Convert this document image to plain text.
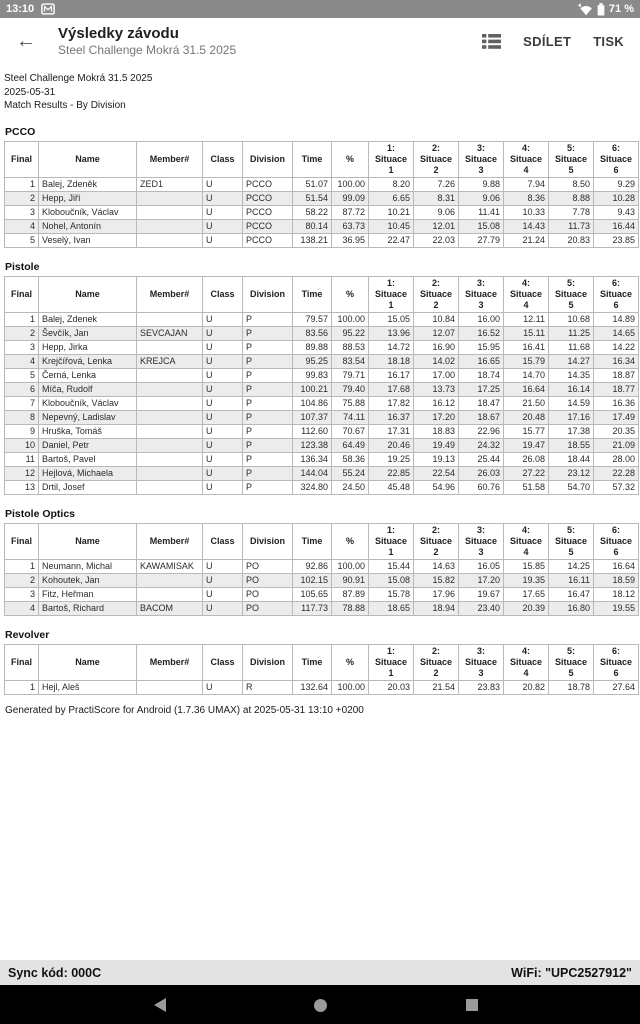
13:10	71 %
←	Výsledky závodu
Steel Challenge Mokrá 31.5 2025
SDÍLET TISK
Steel Challenge Mokrá 31.5 2025
2025-05-31
Match Results - By Division
PCCO
Final	Name	Member#	Class	Division	Time	%	1: Situace 1	2: Situace 2	3: Situace 3	4: Situace 4	5: Situace 5	6: Situace 6
1	Balej, Zdeněk	ZED1	U	PCCO	51.07	100.00	8.20	7.26	9.88	7.94	8.50	9.29
2	Hepp, Jiří		U	PCCO	51.54	99.09	6.65	8.31	9.06	8.36	8.88	10.28
3	Kloboučník, Václav		U	PCCO	58.22	87.72	10.21	9.06	11.41	10.33	7.78	9.43
4	Nohel, Antonín		U	PCCO	80.14	63.73	10.45	12.01	15.08	14.43	11.73	16.44
5	Veselý, Ivan		U	PCCO	138.21	36.95	22.47	22.03	27.79	21.24	20.83	23.85
Pistole
Final	Name	Member#	Class	Division	Time	%	1: Situace 1	2: Situace 2	3: Situace 3	4: Situace 4	5: Situace 5	6: Situace 6
1	Balej, Zdenek		U	P	79.57	100.00	15.05	10.84	16.00	12.11	10.68	14.89
2	Ševčík, Jan	SEVCAJAN	U	P	83.56	95.22	13.96	12.07	16.52	15.11	11.25	14.65
3	Hepp, Jirka		U	P	89.88	88.53	14.72	16.90	15.95	16.41	11.68	14.22
4	Krejčířová, Lenka	KREJCA	U	P	95.25	83.54	18.18	14.02	16.65	15.79	14.27	16.34
5	Černá, Lenka		U	P	99.83	79.71	16.17	17.00	18.74	14.70	14.35	18.87
6	Míča, Rudolf		U	P	100.21	79.40	17.68	13.73	17.25	16.64	16.14	18.77
7	Kloboučník, Václav		U	P	104.86	75.88	17.82	16.12	18.47	21.50	14.59	16.36
8	Nepevný, Ladislav		U	P	107.37	74.11	16.37	17.20	18.67	20.48	17.16	17.49
9	Hruška, Tomáš		U	P	112.60	70.67	17.31	18.83	22.96	15.77	17.38	20.35
10	Daniel, Petr		U	P	123.38	64.49	20.46	19.49	24.32	19.47	18.55	21.09
11	Bartoš, Pavel		U	P	136.34	58.36	19.25	19.13	25.44	26.08	18.44	28.00
12	Hejlová, Michaela		U	P	144.04	55.24	22.85	22.54	26.03	27.22	23.12	22.28
13	Drtil, Josef		U	P	324.80	24.50	45.48	54.96	60.76	51.58	54.70	57.32
Pistole Optics
Final	Name	Member#	Class	Division	Time	%	1: Situace 1	2: Situace 2	3: Situace 3	4: Situace 4	5: Situace 5	6: Situace 6
1	Neumann, Michal	KAWAMISAK	U	PO	92.86	100.00	15.44	14.63	16.05	15.85	14.25	16.64
2	Kohoutek, Jan		U	PO	102.15	90.91	15.08	15.82	17.20	19.35	16.11	18.59
3	Fitz, Heřman		U	PO	105.65	87.89	15.78	17.96	19.67	17.65	16.47	18.12
4	Bartoš, Richard	BACOM	U	PO	117.73	78.88	18.65	18.94	23.40	20.39	16.80	19.55
Revolver
Final	Name	Member#	Class	Division	Time	%	1: Situace 1	2: Situace 2	3: Situace 3	4: Situace 4	5: Situace 5	6: Situace 6
1	Hejl, Aleš		U	R	132.64	100.00	20.03	21.54	23.83	20.82	18.78	27.64
Generated by PractiScore for Android (1.7.36 UMAX) at 2025-05-31 13:10 +0200
Sync kód: 000C	WiFi: "UPC2527912"
